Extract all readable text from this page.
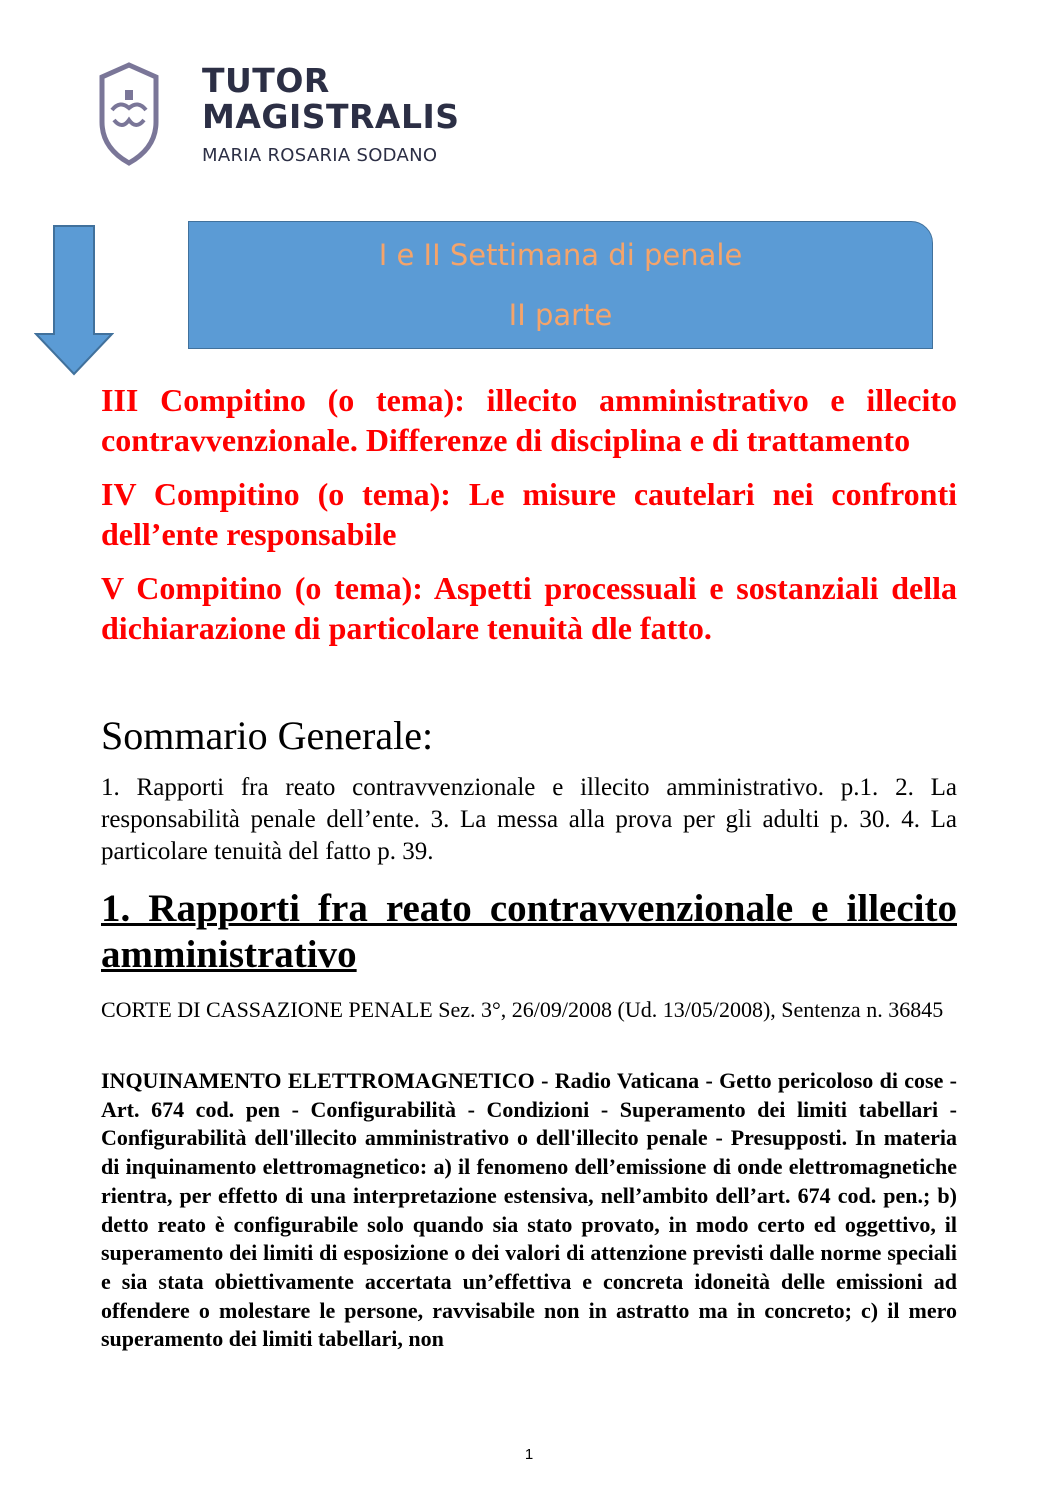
TUTOR
MAGISTRALIS
MARIA ROSARIA SODANO
I e II Settimana di penale
II parte

III Compitino (o tema): illecito amministrativo e illecito contravvenzionale. Differenze di disciplina e di trattamento

IV Compitino (o tema): Le misure cautelari nei confronti dell’ente responsabile

V Compitino (o tema): Aspetti processuali e sostanziali della dichiarazione di particolare tenuità dle fatto.

Sommario Generale:

1. Rapporti fra reato contravvenzionale e illecito amministrativo. p.1. 2. La responsabilità penale dell’ente. 3. La messa alla prova per gli adulti p. 30. 4. La particolare tenuità del fatto p. 39.

1. Rapporti fra reato contravvenzionale e illecito amministrativo

CORTE DI CASSAZIONE PENALE Sez. 3°, 26/09/2008 (Ud. 13/05/2008), Sentenza n. 36845

INQUINAMENTO ELETTROMAGNETICO - Radio Vaticana - Getto pericoloso di cose - Art. 674 cod. pen - Configurabilità - Condizioni - Superamento dei limiti tabellari - Configurabilità dell'illecito amministrativo o dell'illecito penale - Presupposti. In materia di inquinamento elettromagnetico: a) il fenomeno dell’emissione di onde elettromagnetiche rientra, per effetto di una interpretazione estensiva, nell’ambito dell’art. 674 cod. pen.; b) detto reato è configurabile solo quando sia stato provato, in modo certo ed oggettivo, il superamento dei limiti di esposizione o dei valori di attenzione previsti dalle norme speciali e sia stata obiettivamente accertata un’effettiva e concreta idoneità delle emissioni ad offendere o molestare le persone, ravvisabile non in astratto ma in concreto; c) il mero superamento dei limiti tabellari, non

1
